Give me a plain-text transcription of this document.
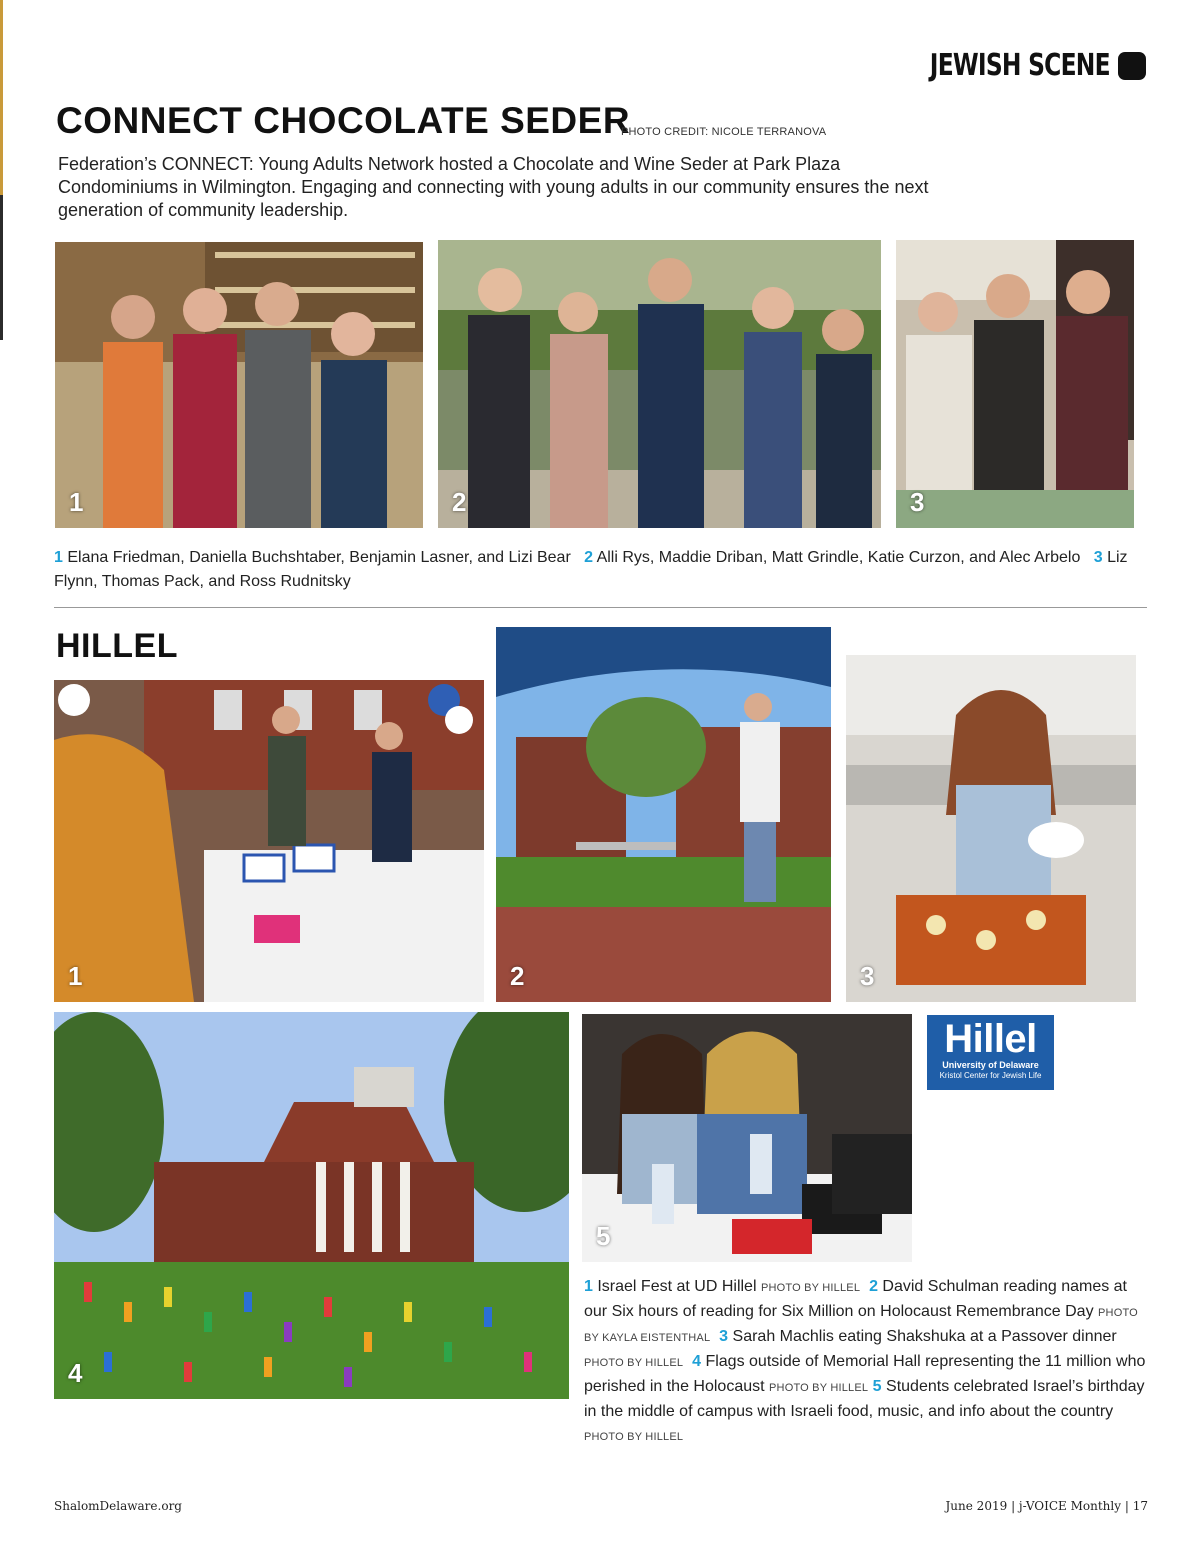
JEWISH SCENE
CONNECT CHOCOLATE SEDER
PHOTO CREDIT: NICOLE TERRANOVA
Federation’s CONNECT: Young Adults Network hosted a Chocolate and Wine Seder at Park Plaza Condominiums in Wilmington. Engaging and connecting with young adults in our community ensures the next generation of community leadership.
1	2	3
1 Elana Friedman, Daniella Buchshtaber, Benjamin Lasner, and Lizi Bear 2 Alli Rys, Maddie Driban, Matt Grindle, Katie Curzon, and Alec Arbelo 3 Liz Flynn, Thomas Pack, and Ross Rudnitsky
HILLEL
1	2	3
4
5
Hillel
University of Delaware
Kristol Center for Jewish Life
1 Israel Fest at UD Hillel PHOTO BY HILLEL 2 David Schulman reading names at our Six hours of reading for Six Million on Holocaust Remembrance Day PHOTO BY KAYLA EISTENTHAL 3 Sarah Machlis eating Shakshuka at a Passover dinner PHOTO BY HILLEL 4 Flags outside of Memorial Hall representing the 11 million who perished in the Holocaust PHOTO BY HILLEL 5 Students celebrated Israel’s birthday in the middle of campus with Israeli food, music, and info about the country PHOTO BY HILLEL
ShalomDelaware.org	June 2019 | j-VOICE Monthly | 17
